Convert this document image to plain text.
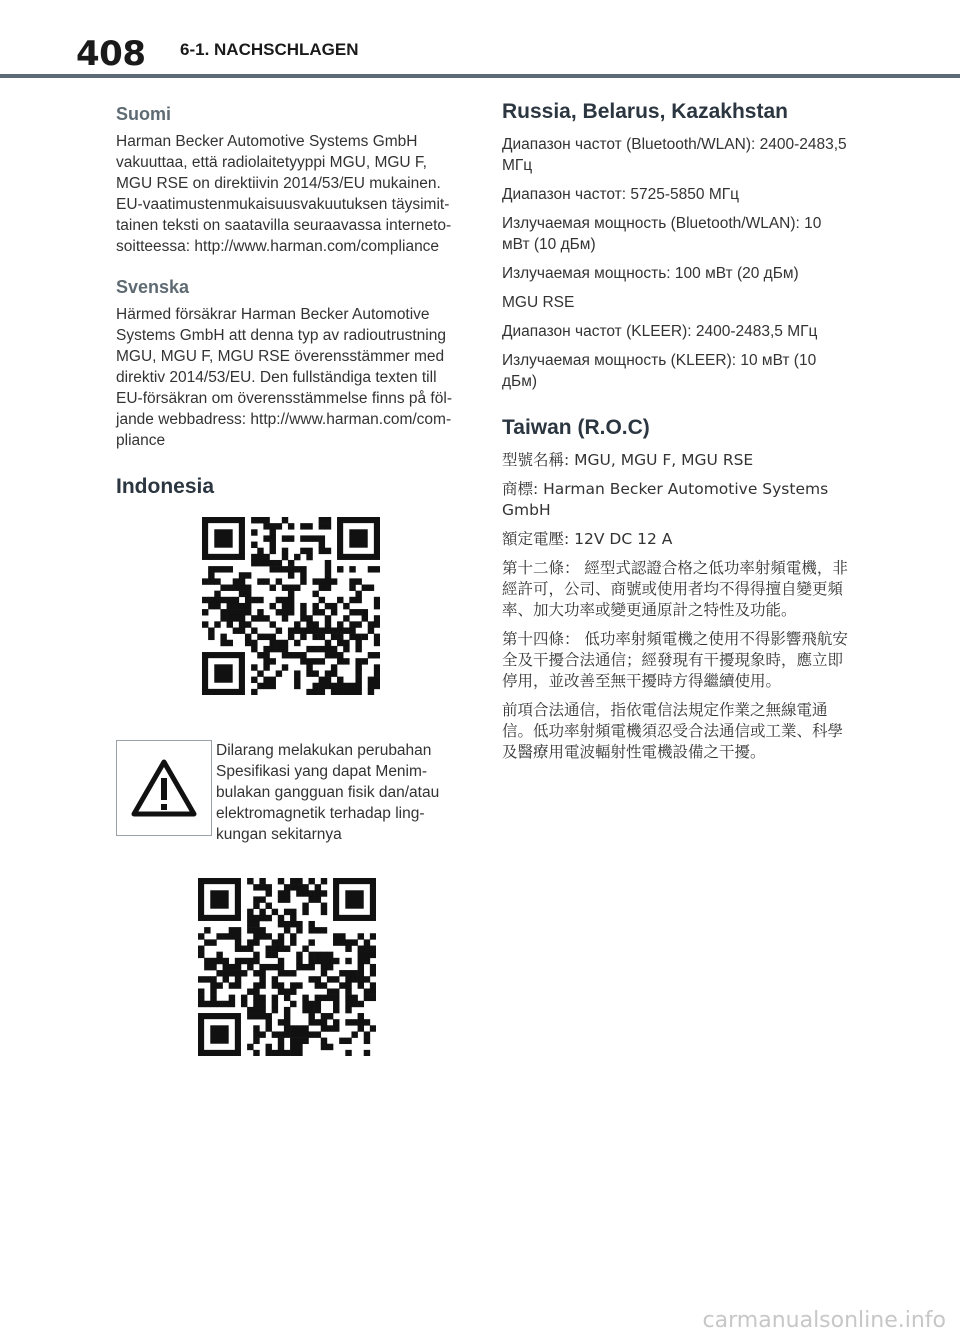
408 6-1. NACHSCHLAGEN
Suomi

Harman Becker Automotive Systems GmbH vakuuttaa, että radiolaitetyyppi MGU, MGU F, MGU RSE on direktiivin 2014/53/EU mukainen. EU-vaatimustenmukaisuusvakuutuksen täysimittainen teksti on saatavilla seuraavassa internetosoitteessa: http://www.harman.com/compliance

Svenska

Härmed försäkrar Harman Becker Automotive Systems GmbH att denna typ av radioutrustning MGU, MGU F, MGU RSE överensstämmer med direktiv 2014/53/EU. Den fullständiga texten till EU-försäkran om överensstämmelse finns på följande webbadress: http://www.harman.com/compliance

Indonesia
Dilarang melakukan perubahan Spesifikasi yang dapat Menimbulakan gangguan fisik dan/atau elektromagnetik terhadap lingkungan sekitarnya
Russia, Belarus, Kazakhstan

Диапазон частот (Bluetooth/WLAN): 2400-2483,5 МГц

Диапазон частот: 5725-5850 МГц

Излучаемая мощность (Bluetooth/WLAN): 10 мВт (10 дБм)

Излучаемая мощность: 100 мВт (20 дБм)

MGU RSE

Диапазон частот (KLEER): 2400-2483,5 МГц

Излучаемая мощность (KLEER): 10 мВт (10 дБм)

Taiwan (R.O.C)

型號名稱: MGU, MGU F, MGU RSE

商標: Harman Becker Automotive Systems GmbH

額定電壓: 12V DC 12 A

第十二條： 經型式認證合格之低功率射頻電機，非經許可，公司、商號或使用者均不得得擅自變更頻率、加大功率或變更通原計之特性及功能。

第十四條： 低功率射頻電機之使用不得影響飛航安全及干擾合法通信；經發現有干擾現象時，應立即停用，並改善至無干擾時方得繼續使用。

前項合法通信，指依電信法規定作業之無線電通信。低功率射頻電機須忍受合法通信或工業、科學及醫療用電波輻射性電機設備之干擾。

carmanualsonline.info
